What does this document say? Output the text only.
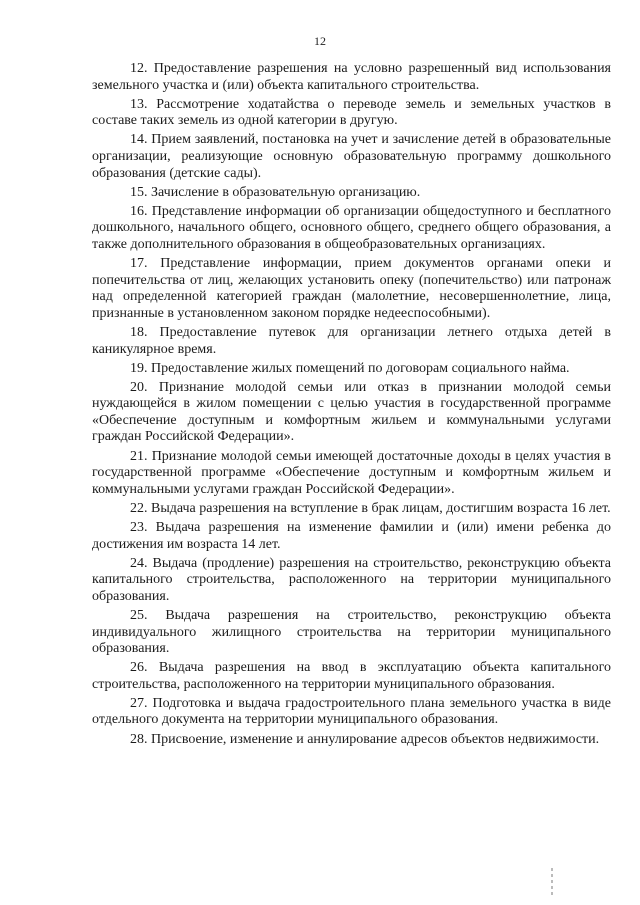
12

12. Предоставление разрешения на условно разрешенный вид использования земельного участка и (или) объекта капитального строительства.

13. Рассмотрение ходатайства о переводе земель и земельных участков в составе таких земель из одной категории в другую.

14. Прием заявлений, постановка на учет и зачисление детей в образовательные организации, реализующие основную образовательную программу дошкольного образования (детские сады).

15. Зачисление в образовательную организацию.

16. Представление информации об организации общедоступного и бесплатного дошкольного, начального общего, основного общего, среднего общего образования, а также дополнительного образования в общеобразовательных организациях.

17. Представление информации, прием документов органами опеки и попечительства от лиц, желающих установить опеку (попечительство) или патронаж над определенной категорией граждан (малолетние, несовершеннолетние, лица, признанные в установленном законом порядке недееспособными).

18. Предоставление путевок для организации летнего отдыха детей в каникулярное время.

19. Предоставление жилых помещений по договорам социального найма.

20. Признание молодой семьи или отказ в признании молодой семьи нуждающейся в жилом помещении с целью участия в государственной программе «Обеспечение доступным и комфортным жильем и коммунальными услугами граждан Российской Федерации».

21. Признание молодой семьи имеющей достаточные доходы в целях участия в государственной программе «Обеспечение доступным и комфортным жильем и коммунальными услугами граждан Российской Федерации».

22. Выдача разрешения на вступление в брак лицам, достигшим возраста 16 лет.

23. Выдача разрешения на изменение фамилии и (или) имени ребенка до достижения им возраста 14 лет.

24. Выдача (продление) разрешения на строительство, реконструкцию объекта капитального строительства, расположенного на территории муниципального образования.

25. Выдача разрешения на строительство, реконструкцию объекта индивидуального жилищного строительства на территории муниципального образования.

26. Выдача разрешения на ввод в эксплуатацию объекта капитального строительства, расположенного на территории муниципального образования.

27. Подготовка и выдача градостроительного плана земельного участка в виде отдельного документа на территории муниципального образования.

28. Присвоение, изменение и аннулирование адресов объектов недвижимости.
